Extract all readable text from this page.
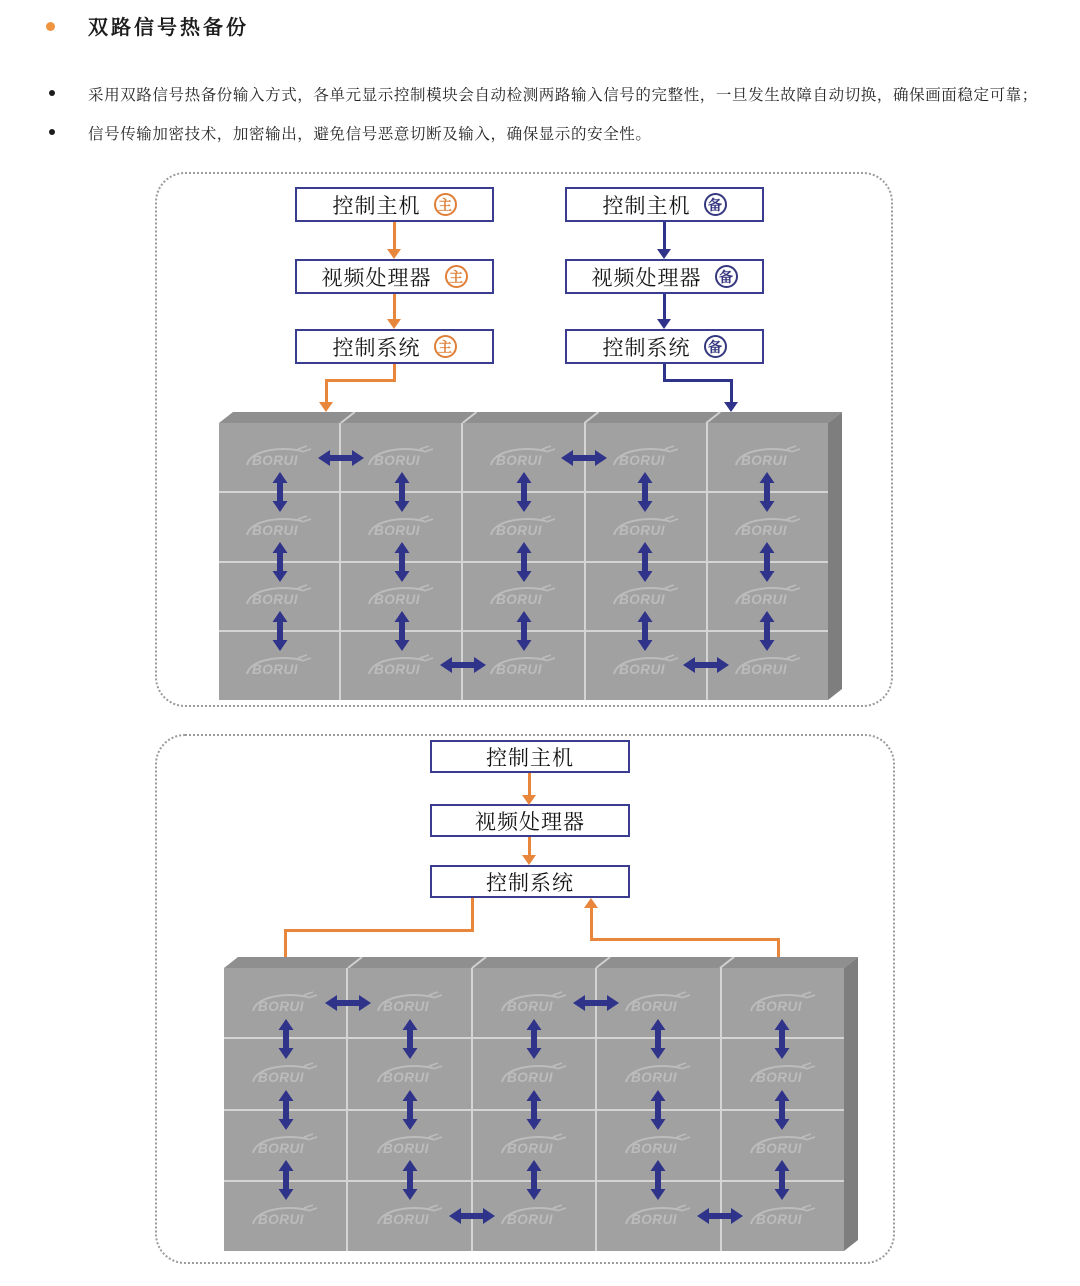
双路信号热备份
采用双路信号热备份输入方式，各单元显示控制模块会自动检测两路输入信号的完整性，一旦发生故障自动切换，确保画面稳定可靠；
信号传输加密技术，加密输出，避免信号恶意切断及输入，确保显示的安全性。
控制主机	主
视频处理器	主
控制系统	主
控制主机	备
视频处理器	备
控制系统	备
BORUI	BORUI	BORUI	BORUI	BORUI
BORUI	BORUI	BORUI	BORUI	BORUI
BORUI	BORUI	BORUI	BORUI	BORUI
BORUI	BORUI	BORUI	BORUI	BORUI
控制主机
视频处理器
控制系统
BORUI	BORUI	BORUI	BORUI	BORUI
BORUI	BORUI	BORUI	BORUI	BORUI
BORUI	BORUI	BORUI	BORUI	BORUI
BORUI	BORUI	BORUI	BORUI	BORUI
